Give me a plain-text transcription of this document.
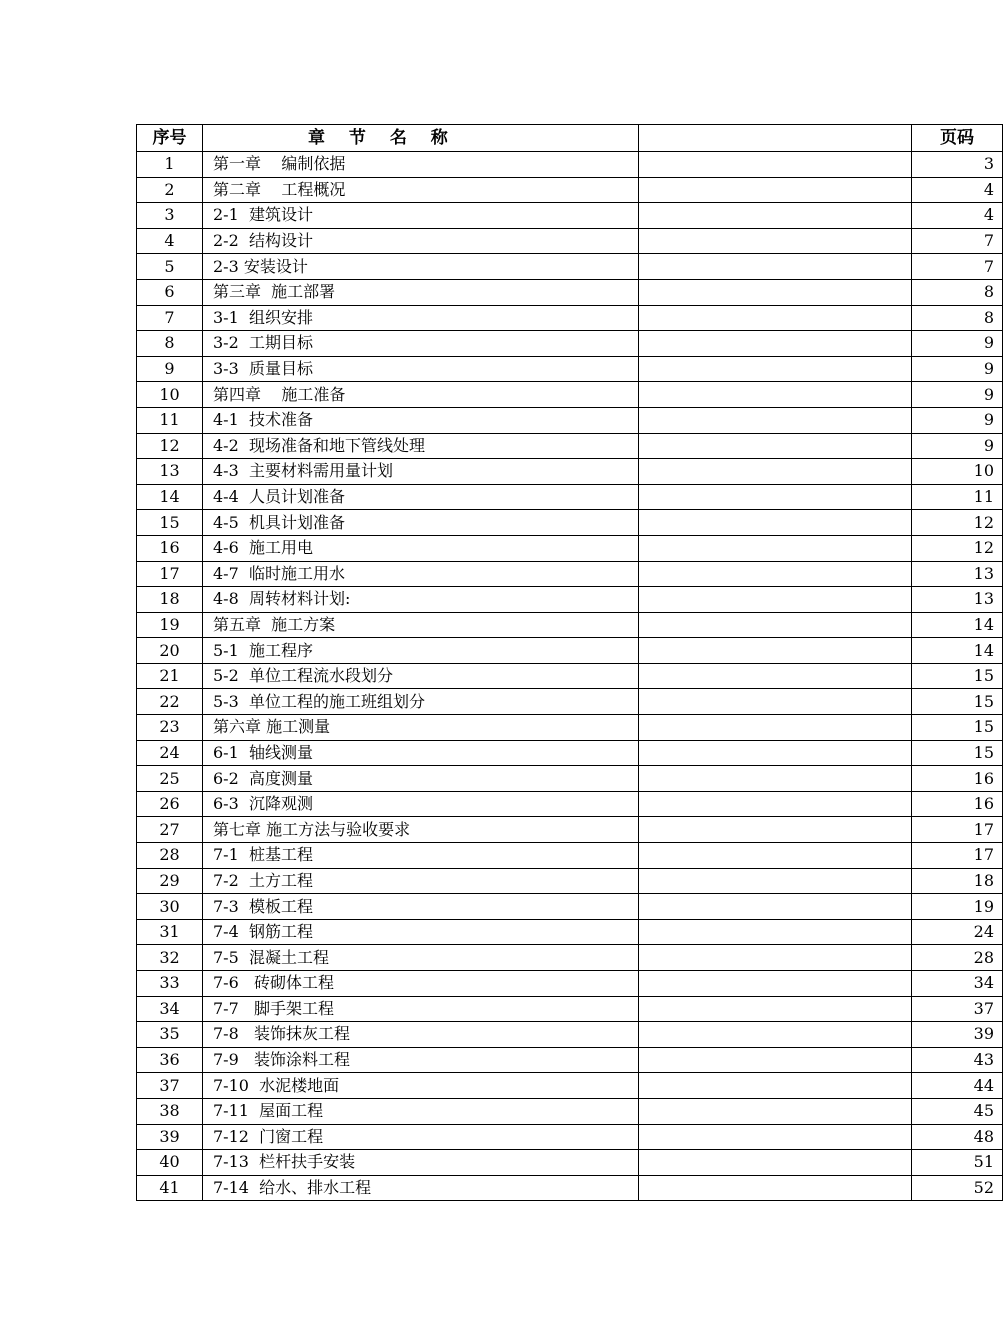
序号	章 节 名 称		页码
1	第一章    编制依据		3
2	第二章    工程概况		4
3	2-1  建筑设计		4
4	2-2  结构设计		7
5	2-3 安装设计		7
6	第三章  施工部署		8
7	3-1  组织安排		8
8	3-2  工期目标		9
9	3-3  质量目标		9
10	第四章    施工准备		9
11	4-1  技术准备		9
12	4-2  现场准备和地下管线处理		9
13	4-3  主要材料需用量计划		10
14	4-4  人员计划准备		11
15	4-5  机具计划准备		12
16	4-6  施工用电		12
17	4-7  临时施工用水		13
18	4-8  周转材料计划:		13
19	第五章  施工方案		14
20	5-1  施工程序		14
21	5-2  单位工程流水段划分		15
22	5-3  单位工程的施工班组划分		15
23	第六章 施工测量		15
24	6-1  轴线测量		15
25	6-2  高度测量		16
26	6-3  沉降观测		16
27	第七章 施工方法与验收要求		17
28	7-1  桩基工程		17
29	7-2  土方工程		18
30	7-3  模板工程		19
31	7-4  钢筋工程		24
32	7-5  混凝土工程		28
33	7-6   砖砌体工程		34
34	7-7   脚手架工程		37
35	7-8   装饰抹灰工程		39
36	7-9   装饰涂料工程		43
37	7-10  水泥楼地面		44
38	7-11  屋面工程		45
39	7-12  门窗工程		48
40	7-13  栏杆扶手安装		51
41	7-14  给水、排水工程		52
